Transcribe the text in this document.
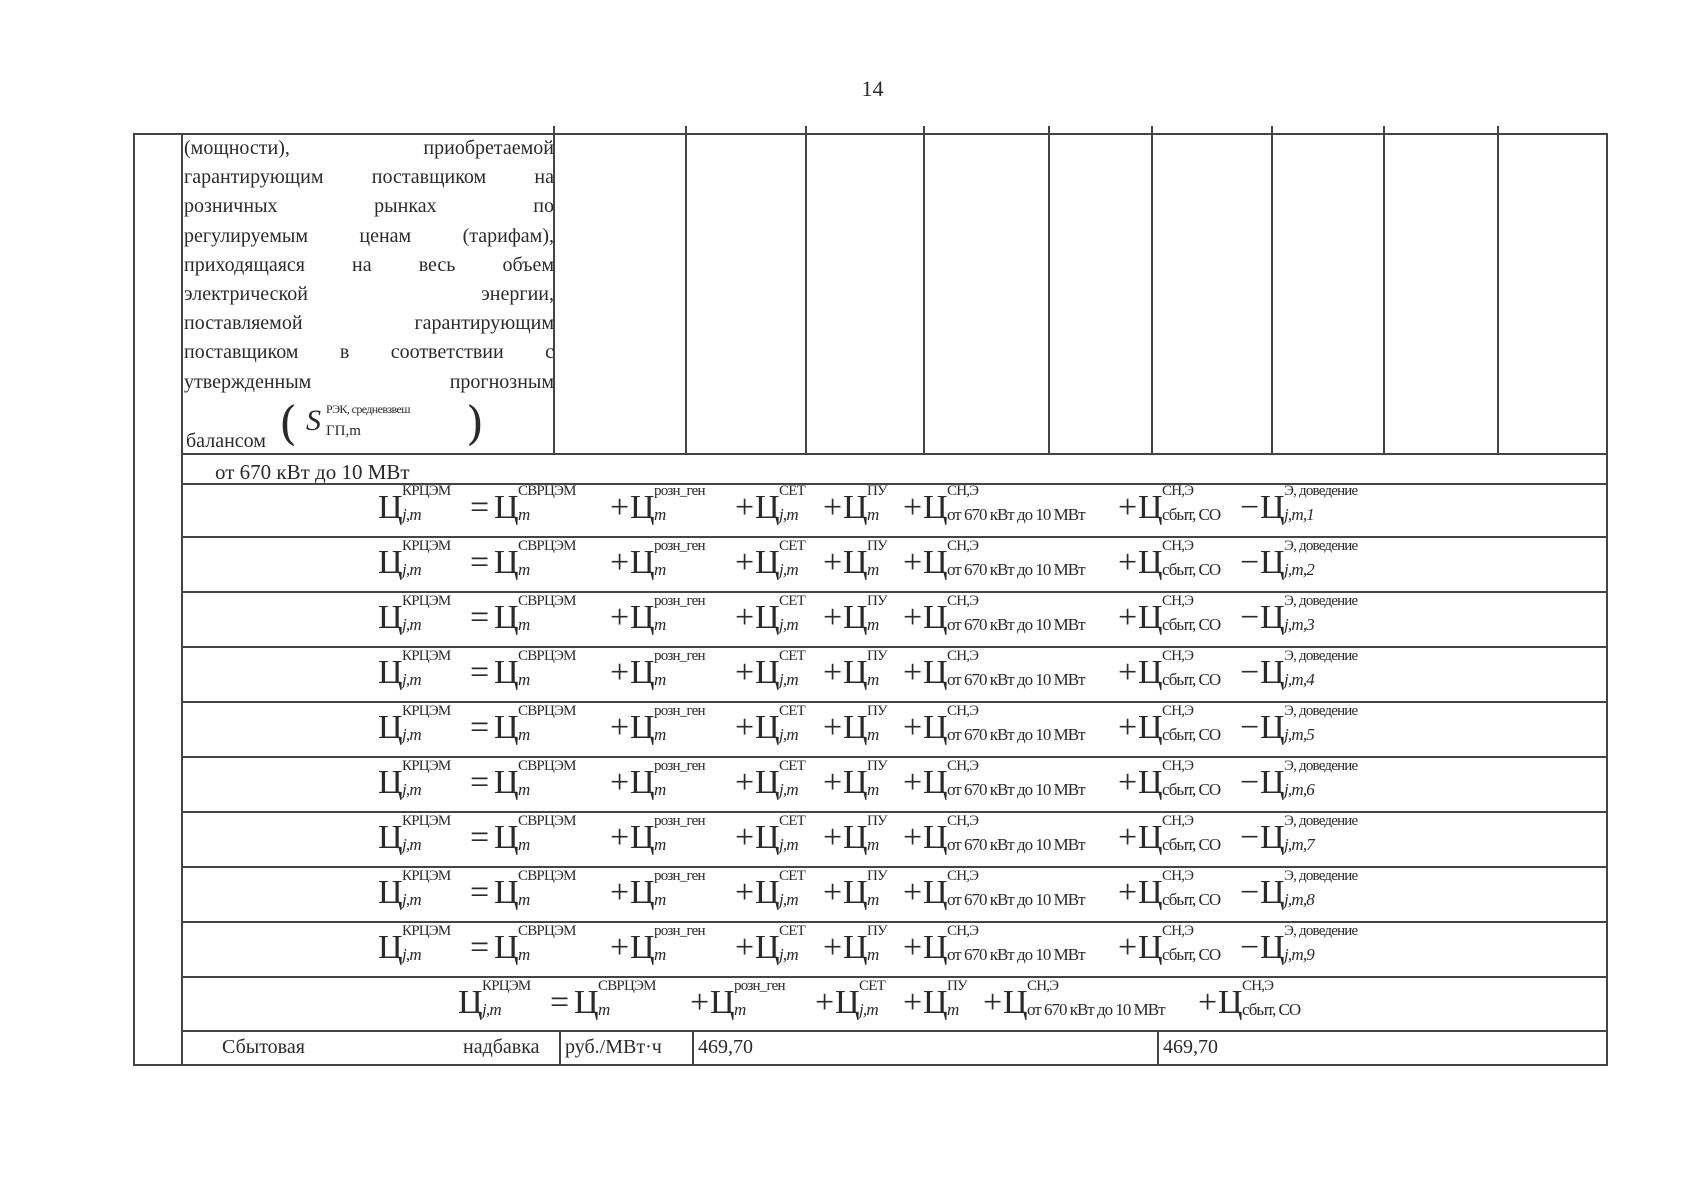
14
(мощности), приобретаемой
гарантирующим поставщиком на
розничных рынках по
регулируемым ценам (тарифам),
приходящаяся на весь объем
электрической энергии,
поставляемой гарантирующим
поставщиком в соответствии с
утвержденным прогнозным
балансом ( S РЭК, средневзвеш
ГП,m )
от 670 кВт до 10 МВт
Ц КРЦЭМ
j,m = Ц СВРЦЭМ
m + Ц розн_ген
m + Ц СЕТ
j,m + Ц ПУ
m + Ц СН,Э
от 670 кВт до 10 МВт + Ц СН,Э
сбыт, СО − Ц Э, доведение
j,m,1
Ц КРЦЭМ
j,m = Ц СВРЦЭМ
m + Ц розн_ген
m + Ц СЕТ
j,m + Ц ПУ
m + Ц СН,Э
от 670 кВт до 10 МВт + Ц СН,Э
сбыт, СО − Ц Э, доведение
j,m,2
Ц КРЦЭМ
j,m = Ц СВРЦЭМ
m + Ц розн_ген
m + Ц СЕТ
j,m + Ц ПУ
m + Ц СН,Э
от 670 кВт до 10 МВт + Ц СН,Э
сбыт, СО − Ц Э, доведение
j,m,3
Ц КРЦЭМ
j,m = Ц СВРЦЭМ
m + Ц розн_ген
m + Ц СЕТ
j,m + Ц ПУ
m + Ц СН,Э
от 670 кВт до 10 МВт + Ц СН,Э
сбыт, СО − Ц Э, доведение
j,m,4
Ц КРЦЭМ
j,m = Ц СВРЦЭМ
m + Ц розн_ген
m + Ц СЕТ
j,m + Ц ПУ
m + Ц СН,Э
от 670 кВт до 10 МВт + Ц СН,Э
сбыт, СО − Ц Э, доведение
j,m,5
Ц КРЦЭМ
j,m = Ц СВРЦЭМ
m + Ц розн_ген
m + Ц СЕТ
j,m + Ц ПУ
m + Ц СН,Э
от 670 кВт до 10 МВт + Ц СН,Э
сбыт, СО − Ц Э, доведение
j,m,6
Ц КРЦЭМ
j,m = Ц СВРЦЭМ
m + Ц розн_ген
m + Ц СЕТ
j,m + Ц ПУ
m + Ц СН,Э
от 670 кВт до 10 МВт + Ц СН,Э
сбыт, СО − Ц Э, доведение
j,m,7
Ц КРЦЭМ
j,m = Ц СВРЦЭМ
m + Ц розн_ген
m + Ц СЕТ
j,m + Ц ПУ
m + Ц СН,Э
от 670 кВт до 10 МВт + Ц СН,Э
сбыт, СО − Ц Э, доведение
j,m,8
Ц КРЦЭМ
j,m = Ц СВРЦЭМ
m + Ц розн_ген
m + Ц СЕТ
j,m + Ц ПУ
m + Ц СН,Э
от 670 кВт до 10 МВт + Ц СН,Э
сбыт, СО − Ц Э, доведение
j,m,9
Ц КРЦЭМ
j,m = Ц СВРЦЭМ
m + Ц розн_ген
m + Ц СЕТ
j,m + Ц ПУ
m + Ц СН,Э
от 670 кВт до 10 МВт + Ц СН,Э
сбыт, СО
Сбытовая	надбавка руб./МВт·ч 469,70	469,70
